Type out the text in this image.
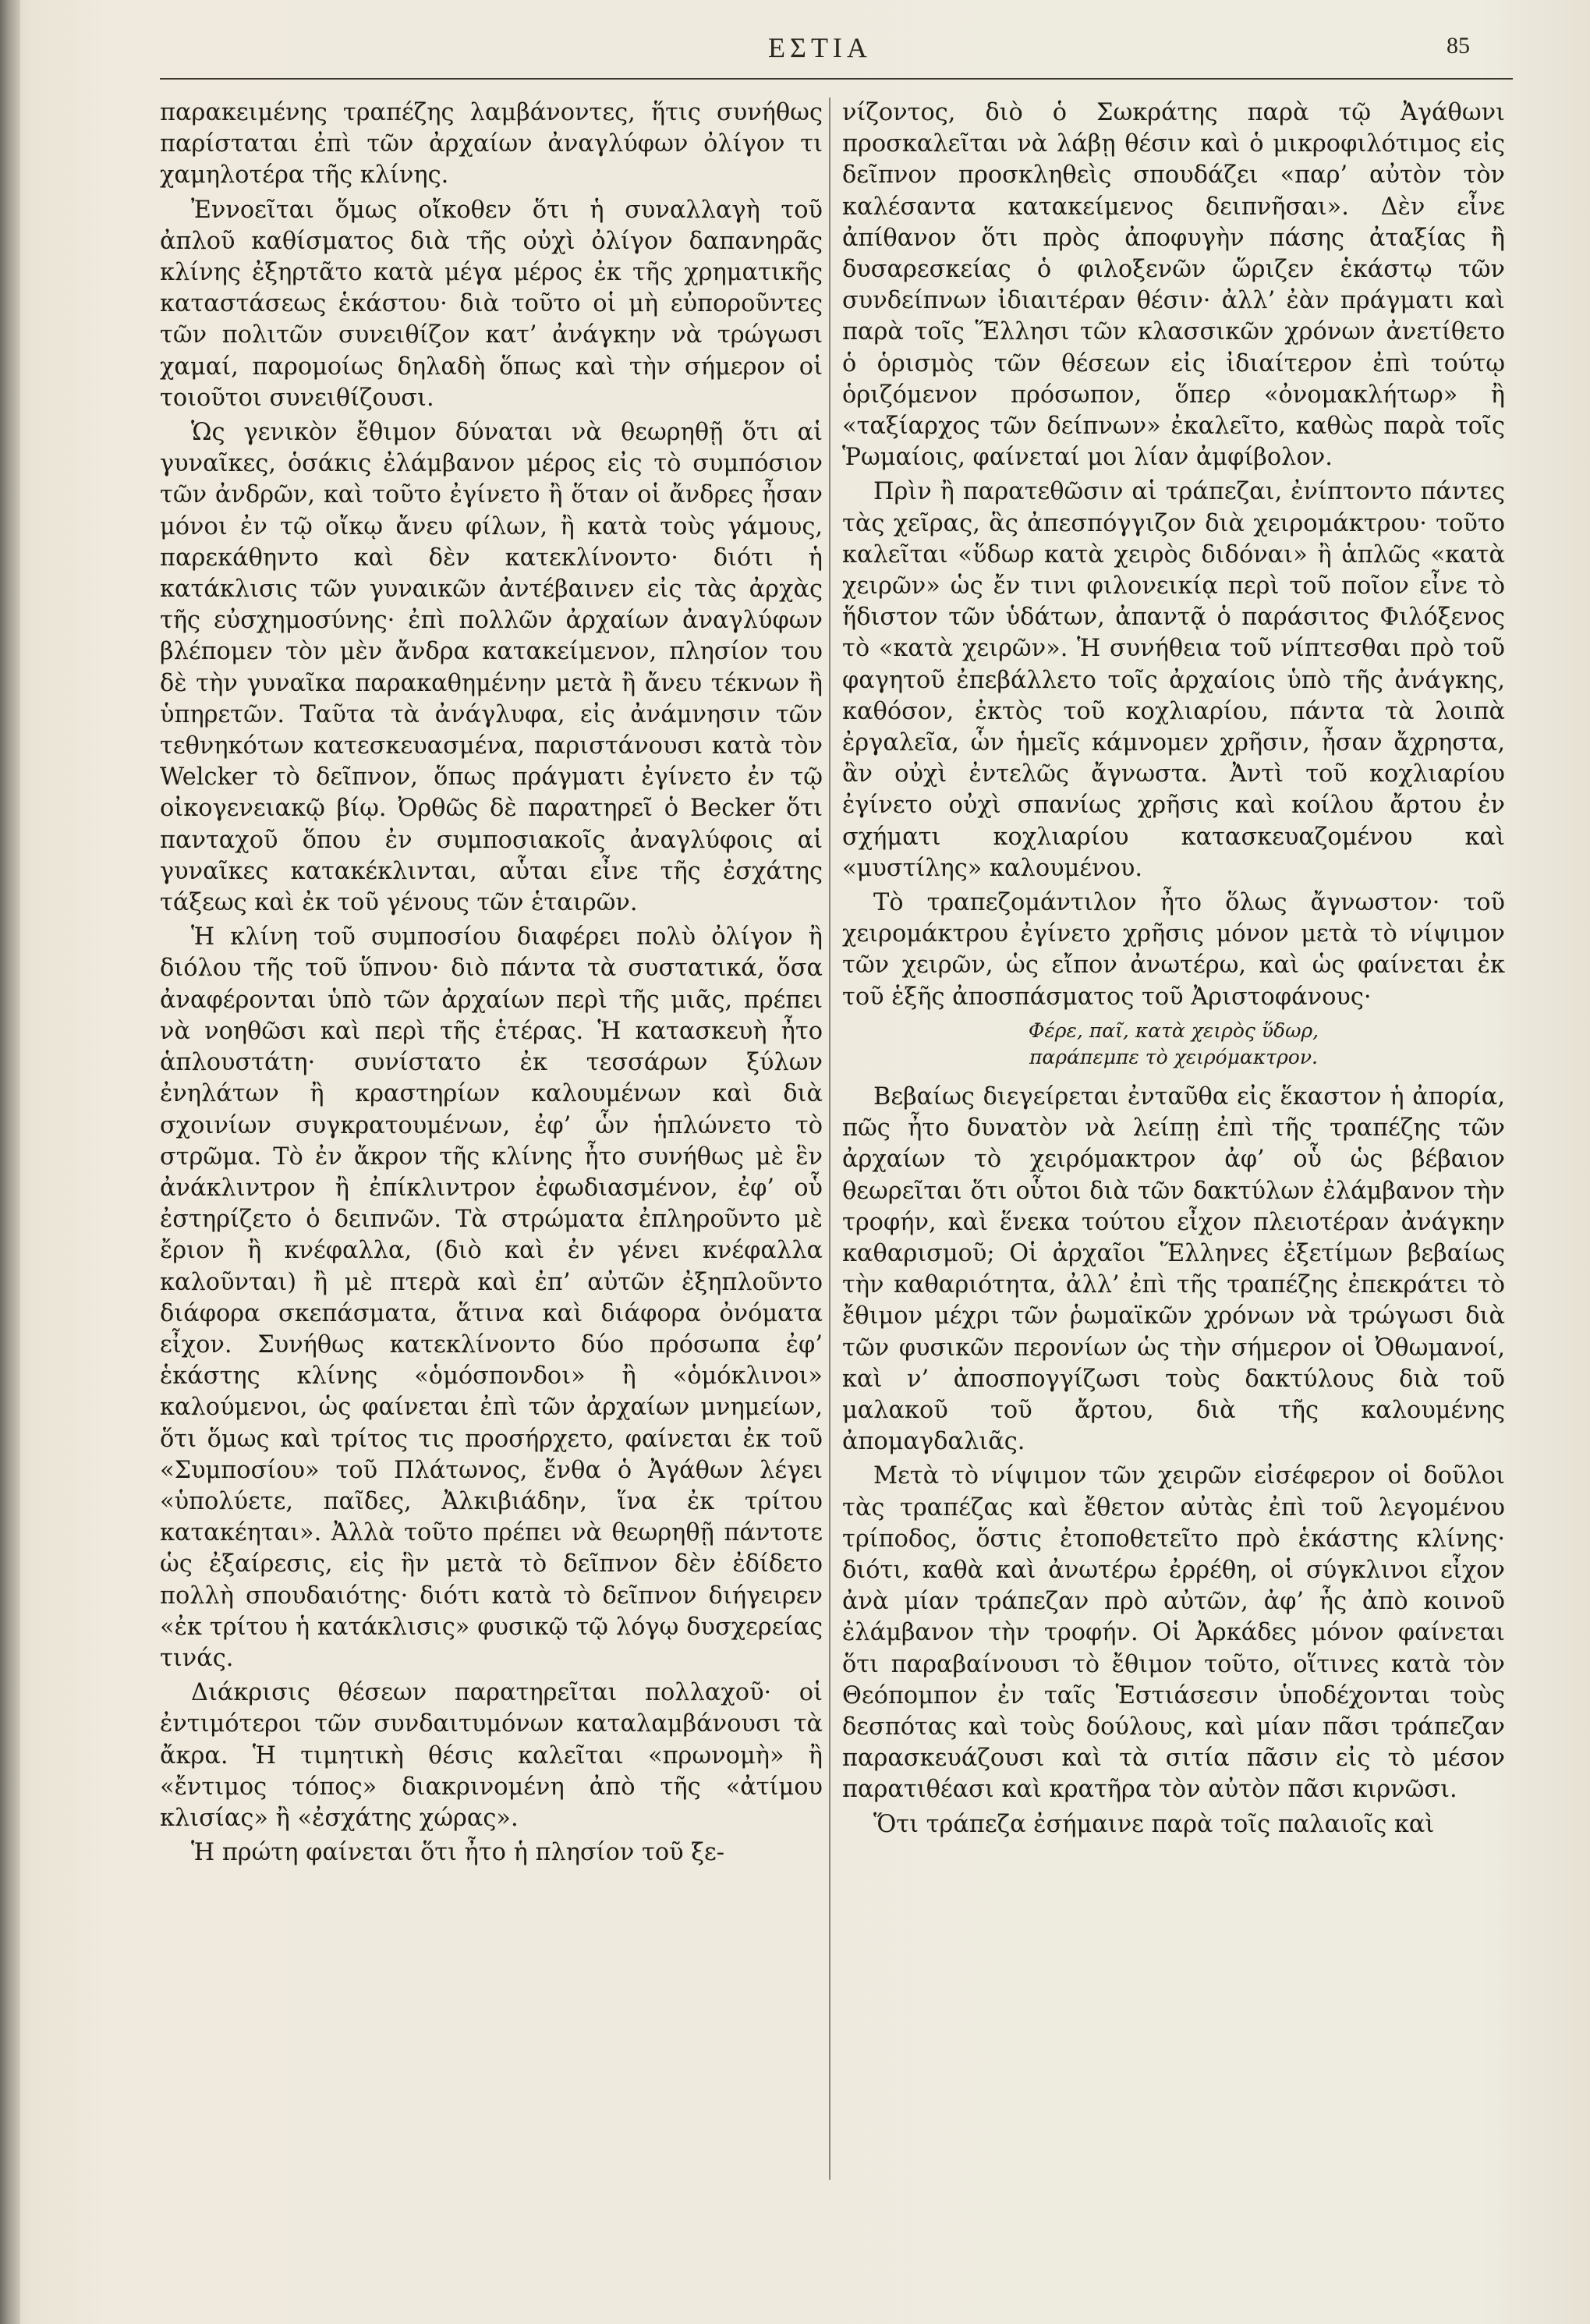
ΕΣΤΙΑ	85

παρακειμένης τραπέζης λαμβάνοντες, ἥτις συνήθως παρίσταται ἐπὶ τῶν ἀρχαίων ἀναγλύφων ὀλίγον τι χαμηλοτέρα τῆς κλίνης.

Ἐννοεῖται ὅμως οἴκοθεν ὅτι ἡ συναλλαγὴ τοῦ ἀπλοῦ καθίσματος διὰ τῆς οὐχὶ ὀλίγον δαπανηρᾶς κλίνης ἐξηρτᾶτο κατὰ μέγα μέρος ἐκ τῆς χρηματικῆς καταστάσεως ἑκάστου· διὰ τοῦτο οἱ μὴ εὐποροῦντες τῶν πολιτῶν συνειθίζον κατ’ ἀνάγκην νὰ τρώγωσι χαμαί, παρομοίως δηλαδὴ ὅπως καὶ τὴν σήμερον οἱ τοιοῦτοι συνειθίζουσι.

Ὡς γενικὸν ἔθιμον δύναται νὰ θεωρηθῇ ὅτι αἱ γυναῖκες, ὁσάκις ἐλάμβανον μέρος εἰς τὸ συμπόσιον τῶν ἀνδρῶν, καὶ τοῦτο ἐγίνετο ἢ ὅταν οἱ ἄνδρες ἦσαν μόνοι ἐν τῷ οἴκῳ ἄνευ φίλων, ἢ κατὰ τοὺς γάμους, παρεκάθηντο καὶ δὲν κατεκλίνοντο· διότι ἡ κατάκλισις τῶν γυναικῶν ἀντέβαινεν εἰς τὰς ἀρχὰς τῆς εὐσχημοσύνης· ἐπὶ πολλῶν ἀρχαίων ἀναγλύφων βλέπομεν τὸν μὲν ἄνδρα κατακείμενον, πλησίον του δὲ τὴν γυναῖκα παρακαθημένην μετὰ ἢ ἄνευ τέκνων ἢ ὑπηρετῶν. Ταῦτα τὰ ἀνάγλυφα, εἰς ἀνάμνησιν τῶν τεθνηκότων κατεσκευασμένα, παριστάνουσι κατὰ τὸν Welcker τὸ δεῖπνον, ὅπως πράγματι ἐγίνετο ἐν τῷ οἰκογενειακῷ βίῳ. Ὀρθῶς δὲ παρατηρεῖ ὁ Becker ὅτι πανταχοῦ ὅπου ἐν συμποσιακοῖς ἀναγλύφοις αἱ γυναῖκες κατακέκλινται, αὗται εἶνε τῆς ἐσχάτης τάξεως καὶ ἐκ τοῦ γένους τῶν ἑταιρῶν.

Ἡ κλίνη τοῦ συμποσίου διαφέρει πολὺ ὀλίγον ἢ διόλου τῆς τοῦ ὕπνου· διὸ πάντα τὰ συστατικά, ὅσα ἀναφέρονται ὑπὸ τῶν ἀρχαίων περὶ τῆς μιᾶς, πρέπει νὰ νοηθῶσι καὶ περὶ τῆς ἑτέρας. Ἡ κατασκευὴ ἦτο ἁπλουστάτη· συνίστατο ἐκ τεσσάρων ξύλων ἐνηλάτων ἢ κραστηρίων καλουμένων καὶ διὰ σχοινίων συγκρατουμένων, ἐφ’ ὧν ἡπλώνετο τὸ στρῶμα. Τὸ ἐν ἄκρον τῆς κλίνης ἦτο συνήθως μὲ ἓν ἀνάκλιντρον ἢ ἐπίκλιντρον ἐφωδιασμένον, ἐφ’ οὗ ἐστηρίζετο ὁ δειπνῶν. Τὰ στρώματα ἐπληροῦντο μὲ ἔριον ἢ κνέφαλλα, (διὸ καὶ ἐν γένει κνέφαλλα καλοῦνται) ἢ μὲ πτερὰ καὶ ἐπ’ αὐτῶν ἐξηπλοῦντο διάφορα σκεπάσματα, ἅτινα καὶ διάφορα ὀνόματα εἶχον. Συνήθως κατεκλίνοντο δύο πρόσωπα ἐφ’ ἑκάστης κλίνης «ὁμόσπονδοι» ἢ «ὁμόκλινοι» καλούμενοι, ὡς φαίνεται ἐπὶ τῶν ἀρχαίων μνημείων, ὅτι ὅμως καὶ τρίτος τις προσήρχετο, φαίνεται ἐκ τοῦ «Συμποσίου» τοῦ Πλάτωνος, ἔνθα ὁ Ἀγάθων λέγει «ὑπολύετε, παῖδες, Ἀλκιβιάδην, ἵνα ἐκ τρίτου κατακέηται». Ἀλλὰ τοῦτο πρέπει νὰ θεωρηθῇ πάντοτε ὡς ἐξαίρεσις, εἰς ἣν μετὰ τὸ δεῖπνον δὲν ἐδίδετο πολλὴ σπουδαιότης· διότι κατὰ τὸ δεῖπνον διήγειρεν «ἐκ τρίτου ἡ κατάκλισις» φυσικῷ τῷ λόγῳ δυσχερείας τινάς.

Διάκρισις θέσεων παρατηρεῖται πολλαχοῦ· οἱ ἐντιμότεροι τῶν συνδαιτυμόνων καταλαμβάνουσι τὰ ἄκρα. Ἡ τιμητικὴ θέσις καλεῖται «πρωνομὴ» ἢ «ἔντιμος τόπος» διακρινομένη ἀπὸ τῆς «ἀτίμου κλισίας» ἢ «ἐσχάτης χώρας».

Ἡ πρώτη φαίνεται ὅτι ἦτο ἡ πλησίον τοῦ ξε-

νίζοντος, διὸ ὁ Σωκράτης παρὰ τῷ Ἀγάθωνι προσκαλεῖται νὰ λάβῃ θέσιν καὶ ὁ μικροφιλότιμος εἰς δεῖπνον προσκληθεὶς σπουδάζει «παρ’ αὐτὸν τὸν καλέσαντα κατακείμενος δειπνῆσαι». Δὲν εἶνε ἀπίθανον ὅτι πρὸς ἀποφυγὴν πάσης ἀταξίας ἢ δυσαρεσκείας ὁ φιλοξενῶν ὥριζεν ἑκάστῳ τῶν συνδείπνων ἰδιαιτέραν θέσιν· ἀλλ’ ἐὰν πράγματι καὶ παρὰ τοῖς Ἕλλησι τῶν κλασσικῶν χρόνων ἀνετίθετο ὁ ὁρισμὸς τῶν θέσεων εἰς ἰδιαίτερον ἐπὶ τούτῳ ὁριζόμενον πρόσωπον, ὅπερ «ὀνομακλήτωρ» ἢ «ταξίαρχος τῶν δείπνων» ἐκαλεῖτο, καθὼς παρὰ τοῖς Ῥωμαίοις, φαίνεταί μοι λίαν ἀμφίβολον.

Πρὶν ἢ παρατεθῶσιν αἱ τράπεζαι, ἐνίπτοντο πάντες τὰς χεῖρας, ἃς ἀπεσπόγγιζον διὰ χειρομάκτρου· τοῦτο καλεῖται «ὕδωρ κατὰ χειρὸς διδόναι» ἢ ἁπλῶς «κατὰ χειρῶν» ὡς ἔν τινι φιλονεικίᾳ περὶ τοῦ ποῖον εἶνε τὸ ἥδιστον τῶν ὑδάτων, ἀπαντᾷ ὁ παράσιτος Φιλόξενος τὸ «κατὰ χειρῶν». Ἡ συνήθεια τοῦ νίπτεσθαι πρὸ τοῦ φαγητοῦ ἐπεβάλλετο τοῖς ἀρχαίοις ὑπὸ τῆς ἀνάγκης, καθόσον, ἐκτὸς τοῦ κοχλιαρίου, πάντα τὰ λοιπὰ ἐργαλεῖα, ὧν ἡμεῖς κάμνομεν χρῆσιν, ἦσαν ἄχρηστα, ἂν οὐχὶ ἐντελῶς ἄγνωστα. Ἀντὶ τοῦ κοχλιαρίου ἐγίνετο οὐχὶ σπανίως χρῆσις καὶ κοίλου ἄρτου ἐν σχήματι κοχλιαρίου κατασκευαζομένου καὶ «μυστίλης» καλουμένου.

Τὸ τραπεζομάντιλον ἦτο ὅλως ἄγνωστον· τοῦ χειρομάκτρου ἐγίνετο χρῆσις μόνον μετὰ τὸ νίψιμον τῶν χειρῶν, ὡς εἴπον ἀνωτέρω, καὶ ὡς φαίνεται ἐκ τοῦ ἑξῆς ἀποσπάσματος τοῦ Ἀριστοφάνους·

Φέρε, παῖ, κατὰ χειρὸς ὕδωρ,
παράπεμπε τὸ χειρόμακτρον.

Βεβαίως διεγείρεται ἐνταῦθα εἰς ἕκαστον ἡ ἀπορία, πῶς ἦτο δυνατὸν νὰ λείπῃ ἐπὶ τῆς τραπέζης τῶν ἀρχαίων τὸ χειρόμακτρον ἀφ’ οὗ ὡς βέβαιον θεωρεῖται ὅτι οὗτοι διὰ τῶν δακτύλων ἐλάμβανον τὴν τροφήν, καὶ ἕνεκα τούτου εἶχον πλειοτέραν ἀνάγκην καθαρισμοῦ; Οἱ ἀρχαῖοι Ἕλληνες ἐξετίμων βεβαίως τὴν καθαριότητα, ἀλλ’ ἐπὶ τῆς τραπέζης ἐπεκράτει τὸ ἔθιμον μέχρι τῶν ῥωμαϊκῶν χρόνων νὰ τρώγωσι διὰ τῶν φυσικῶν περονίων ὡς τὴν σήμερον οἱ Ὀθωμανοί, καὶ ν’ ἀποσπογγίζωσι τοὺς δακτύλους διὰ τοῦ μαλακοῦ τοῦ ἄρτου, διὰ τῆς καλουμένης ἀπομαγδαλιᾶς.

Μετὰ τὸ νίψιμον τῶν χειρῶν εἰσέφερον οἱ δοῦλοι τὰς τραπέζας καὶ ἔθετον αὐτὰς ἐπὶ τοῦ λεγομένου τρίποδος, ὅστις ἐτοποθετεῖτο πρὸ ἑκάστης κλίνης· διότι, καθὰ καὶ ἀνωτέρω ἐρρέθη, οἱ σύγκλινοι εἶχον ἀνὰ μίαν τράπεζαν πρὸ αὐτῶν, ἀφ’ ἧς ἀπὸ κοινοῦ ἐλάμβανον τὴν τροφήν. Οἱ Ἀρκάδες μόνον φαίνεται ὅτι παραβαίνουσι τὸ ἔθιμον τοῦτο, οἵτινες κατὰ τὸν Θεόπομπον ἐν ταῖς Ἑστιάσεσιν ὑποδέχονται τοὺς δεσπότας καὶ τοὺς δούλους, καὶ μίαν πᾶσι τράπεζαν παρασκευάζουσι καὶ τὰ σιτία πᾶσιν εἰς τὸ μέσον παρατιθέασι καὶ κρατῆρα τὸν αὐτὸν πᾶσι κιρνῶσι.

Ὅτι τράπεζα ἐσήμαινε παρὰ τοῖς παλαιοῖς καὶ
